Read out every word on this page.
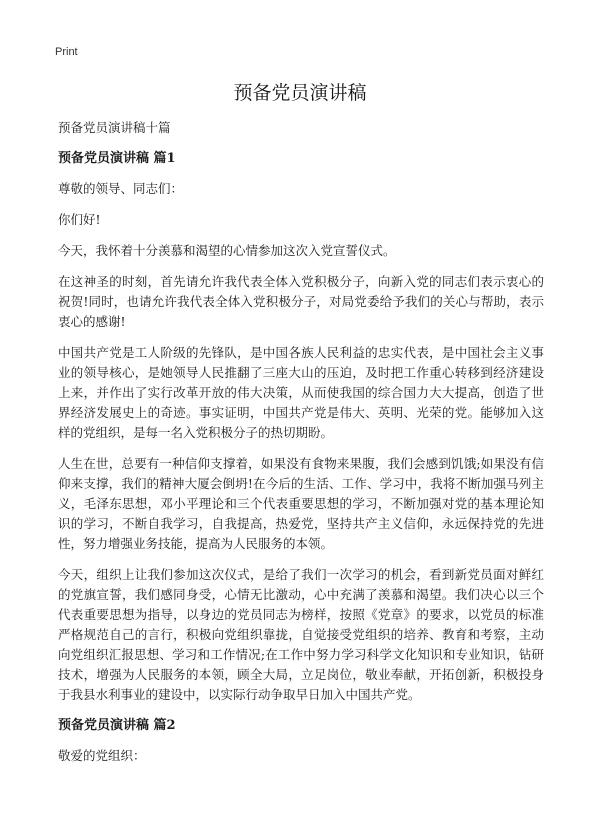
Print
预备党员演讲稿

预备党员演讲稿十篇

预备党员演讲稿 篇1

尊敬的领导、同志们：

你们好!

今天，我怀着十分羡慕和渴望的心情参加这次入党宣誓仪式。

在这神圣的时刻，首先请允许我代表全体入党积极分子，向新入党的同志们表示衷心的祝贺!同时，也请允许我代表全体入党积极分子，对局党委给予我们的关心与帮助，表示衷心的感谢!

中国共产党是工人阶级的先锋队，是中国各族人民利益的忠实代表，是中国社会主义事业的领导核心，是她领导人民推翻了三座大山的压迫，及时把工作重心转移到经济建设上来，并作出了实行改革开放的伟大决策，从而使我国的综合国力大大提高，创造了世界经济发展史上的奇迹。事实证明，中国共产党是伟大、英明、光荣的党。能够加入这样的党组织，是每一名入党积极分子的热切期盼。

人生在世，总要有一种信仰支撑着，如果没有食物来果腹，我们会感到饥饿;如果没有信仰来支撑，我们的精神大厦会倒坍!在今后的生活、工作、学习中，我将不断加强马列主义，毛泽东思想，邓小平理论和三个代表重要思想的学习，不断加强对党的基本理论知识的学习，不断自我学习，自我提高，热爱党，坚持共产主义信仰，永远保持党的先进性，努力增强业务技能，提高为人民服务的本领。

今天，组织上让我们参加这次仪式，是给了我们一次学习的机会，看到新党员面对鲜红的党旗宣誓，我们感同身受，心情无比激动，心中充满了羡慕和渴望。我们决心以三个代表重要思想为指导，以身边的党员同志为榜样，按照《党章》的要求，以党员的标准严格规范自己的言行，积极向党组织靠拢，自觉接受党组织的培养、教育和考察，主动向党组织汇报思想、学习和工作情况;在工作中努力学习科学文化知识和专业知识，钻研技术，增强为人民服务的本领，顾全大局，立足岗位，敬业奉献，开拓创新，积极投身于我县水利事业的建设中，以实际行动争取早日加入中国共产党。

预备党员演讲稿 篇2

敬爱的党组织：
